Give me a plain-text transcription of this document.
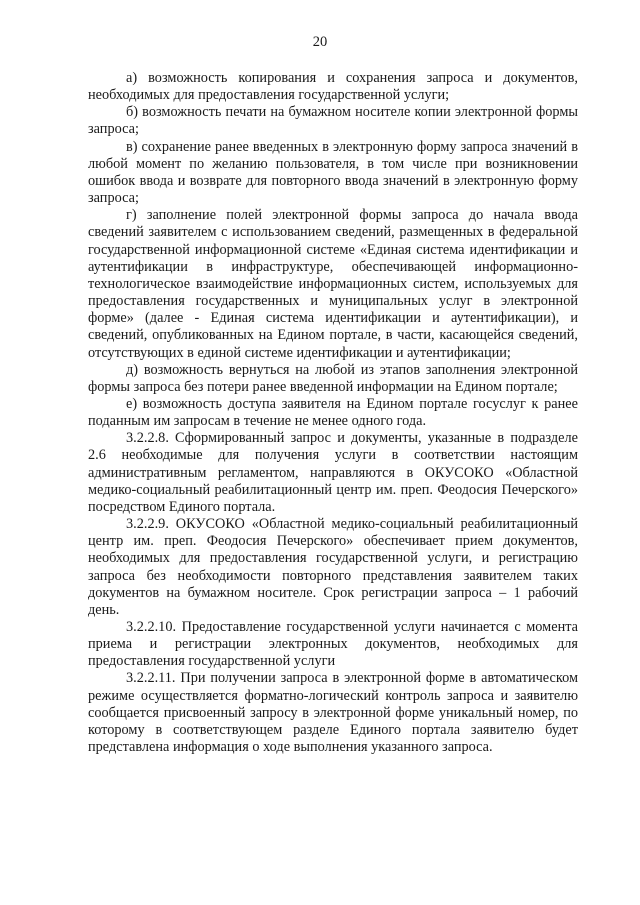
20

а) возможность копирования и сохранения запроса и документов, необходимых для предоставления государственной услуги;

б) возможность печати на бумажном носителе копии электронной формы запроса;

в) сохранение ранее введенных в электронную форму запроса значений в любой момент по желанию пользователя, в том числе при возникновении ошибок ввода и возврате для повторного ввода значений в электронную форму запроса;

г) заполнение полей электронной формы запроса до начала ввода сведений заявителем с использованием сведений, размещенных в федеральной государственной информационной системе «Единая система идентификации и аутентификации в инфраструктуре, обеспечивающей информационно-технологическое взаимодействие информационных систем, используемых для предоставления государственных и муниципальных услуг в электронной форме» (далее - Единая система идентификации и аутентификации), и сведений, опубликованных на Едином портале, в части, касающейся сведений, отсутствующих в единой системе идентификации и аутентификации;

д) возможность вернуться на любой из этапов заполнения электронной формы запроса без потери ранее введенной информации на Едином портале;

е) возможность доступа заявителя на Едином портале госуслуг к ранее поданным им запросам в течение не менее одного года.

3.2.2.8. Сформированный запрос и документы, указанные в подразделе 2.6 необходимые для получения услуги в соответствии настоящим административным регламентом, направляются в ОКУСОКО «Областной медико-социальный реабилитационный центр им. преп. Феодосия Печерского» посредством Единого портала.

3.2.2.9. ОКУСОКО «Областной медико-социальный реабилитационный центр им. преп. Феодосия Печерского» обеспечивает прием документов, необходимых для предоставления государственной услуги, и регистрацию запроса без необходимости повторного представления заявителем таких документов на бумажном носителе. Срок регистрации запроса – 1 рабочий день.

3.2.2.10. Предоставление государственной услуги начинается с момента приема и регистрации электронных документов, необходимых для предоставления государственной услуги

3.2.2.11. При получении запроса в электронной форме в автоматическом режиме осуществляется форматно-логический контроль запроса и заявителю сообщается присвоенный запросу в электронной форме уникальный номер, по которому в соответствующем разделе Единого портала заявителю будет представлена информация о ходе выполнения указанного запроса.
